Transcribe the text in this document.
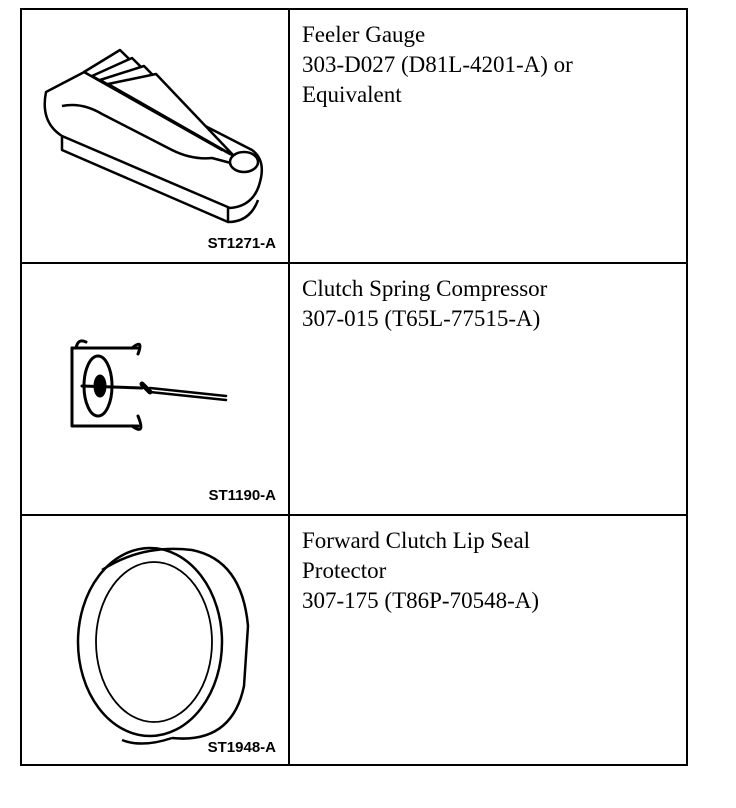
ST1271-A
Feeler Gauge
303-D027 (D81L-4201-A) or
Equivalent
ST1190-A
Clutch Spring Compressor
307-015 (T65L-77515-A)
ST1948-A
Forward Clutch Lip Seal
Protector
307-175 (T86P-70548-A)
